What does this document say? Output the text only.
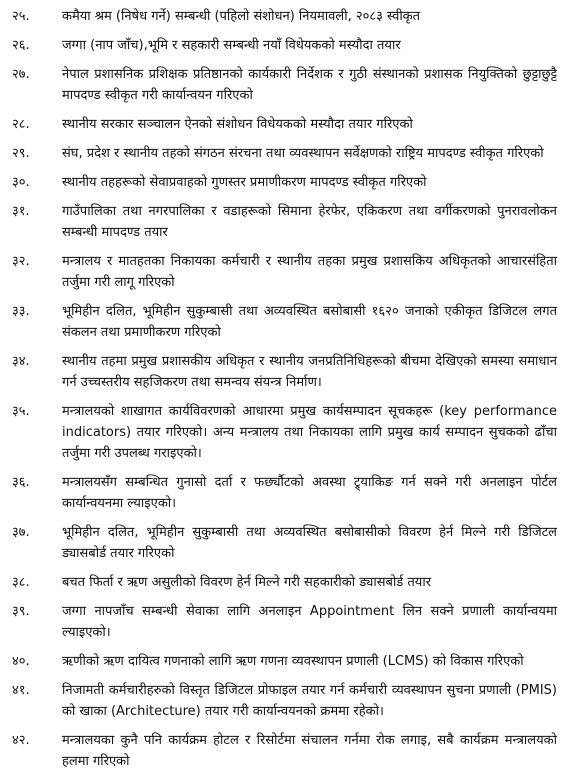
२५.	कमैया श्रम (निषेध गर्ने) सम्बन्धी (पहिलो संशोधन) नियमावली, २०८३ स्वीकृत
२६.	जग्गा (नाप जाँच),भूमि र सहकारी सम्बन्धी नयाँ विधेयकको मस्यौदा तयार
२७.	नेपाल प्रशासनिक प्रशिक्षक प्रतिष्ठानको कार्यकारी निर्देशक र गुठी संस्थानको प्रशासक नियुक्तिको छुट्टाछुट्टै मापदण्ड स्वीकृत गरी कार्यान्वयन गरिएको
२८.	स्थानीय सरकार सञ्चालन ऐनको संशोधन विधेयकको मस्यौदा तयार गरिएको
२९.	संघ, प्रदेश र स्थानीय तहको संगठन संरचना तथा व्यवस्थापन सर्वेक्षणको राष्ट्रिय मापदण्ड स्वीकृत गरिएको
३०.	स्थानीय तहहरूको सेवाप्रवाहको गुणस्तर प्रमाणीकरण मापदण्ड स्वीकृत गरिएको
३१.	गाउँपालिका तथा नगरपालिका र वडाहरूको सिमाना हेरफेर, एकिकरण तथा वर्गीकरणको पुनरावलोकन सम्बन्धी मापदण्ड तयार
३२.	मन्त्रालय र मातहतका निकायका कर्मचारी र स्थानीय तहका प्रमुख प्रशासकिय अधिकृतको आचारसंहिता तर्जुमा गरी लागू गरिएको
३३.	भूमिहीन दलित, भूमिहीन सुकुम्बासी तथा अव्यवस्थित बसोबासी १६२० जनाको एकीकृत डिजिटल लगत संकलन तथा प्रमाणीकरण गरिएको
३४.	स्थानीय तहमा प्रमुख प्रशासकीय अधिकृत र स्थानीय जनप्रतिनिधिहरूको बीचमा देखिएको समस्या समाधान गर्न उच्चस्तरीय सहजिकरण तथा समन्वय संयन्त्र निर्माण।
३५.	मन्त्रालयको शाखागत कार्यविवरणको आधारमा प्रमुख कार्यसम्पादन सूचकहरू (key performance indicators) तयार गरिएको। अन्य मन्त्रालय तथा निकायका लागि प्रमुख कार्य सम्पादन सुचकको ढाँचा तर्जुमा गरी उपलब्ध गराइएको।
३६.	मन्त्रालयसँग सम्बन्धित गुनासो दर्ता र फर्छ्यौटको अवस्था ट्र्याकिङ गर्न सक्ने गरी अनलाइन पोर्टल कार्यान्वयनमा ल्याइएको।
३७.	भूमिहीन दलित, भूमिहीन सुकुम्बासी तथा अव्यवस्थित बसोबासीको विवरण हेर्न मिल्ने गरी डिजिटल ड्यासबोर्ड तयार गरिएको
३८.	बचत फिर्ता र ऋण असुलीको विवरण हेर्न मिल्ने गरी सहकारीको ड्यासबोर्ड तयार
३९.	जग्गा नापजाँच सम्बन्धी सेवाका लागि अनलाइन Appointment लिन सक्ने प्रणाली कार्यान्वयमा ल्याइएको।
४०.	ऋणीको ऋण दायित्व गणनाको लागि ऋण गणना व्यवस्थापन प्रणाली (LCMS) को विकास गरिएको
४१.	निजामती कर्मचारीहरुको विस्तृत डिजिटल प्रोफाइल तयार गर्न कर्मचारी व्यवस्थापन सुचना प्रणाली (PMIS) को खाका (Architecture) तयार गरी कार्यान्वयनको क्रममा रहेको।
४२.	मन्त्रालयका कुनै पनि कार्यक्रम होटल र रिसोर्टमा संचालन गर्नमा रोक लगाइ, सबै कार्यक्रम मन्त्रालयको हलमा गरिएको
